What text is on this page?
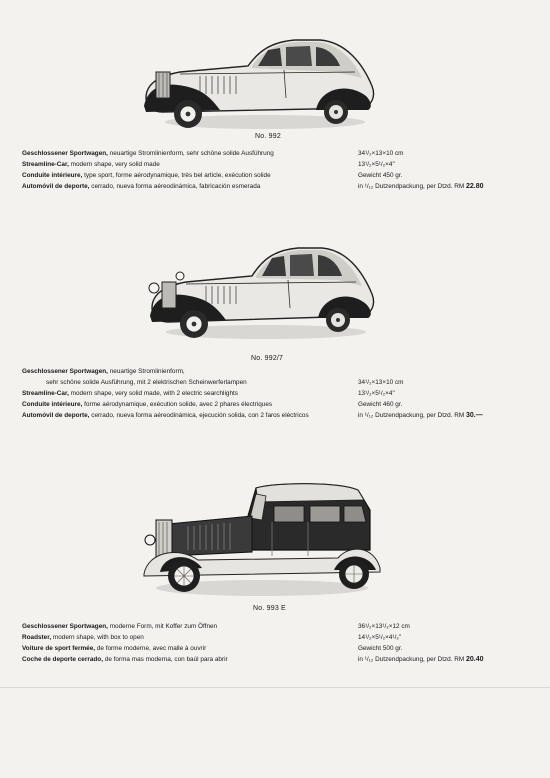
No. 992
Geschlossener Sportwagen, neuartige Stromlinienform, sehr schöne solide Ausführung	34¹/₂×13×10 cm
Streamline-Car, modern shape, very solid made	13¹/₂×5¹/₂×4"
Conduite intérieure, type sport, forme aérodynamique, très bel article, exécution solide	Gewicht 450 gr.
Automóvil de deporte, cerrado, nueva forma aéreodinámica, fabricación esmerada	in ¹/₁₂ Dutzendpackung, per Dtzd. RM 22.80
No. 992/7
Geschlossener Sportwagen, neuartige Stromlinienform,
sehr schöne solide Ausführung, mit 2 elektrischen Scheinwerferlampen	34¹/₂×13×10 cm
Streamline-Car, modern shape, very solid made, with 2 electric searchlights	13¹/₂×5¹/₂×4"
Conduite intérieure, forme aérodynamique, exécution solide, avec 2 phares électriques	Gewicht 460 gr.
Automóvil de deporte, cerrado, nueva forma aéreodinámica, ejecución solida, con 2 faros eléctricos	in ¹/₁₂ Dutzendpackung, per Dtzd. RM 30.—
No. 993 E
Geschlossener Sportwagen, moderne Form, mit Koffer zum Öffnen	36¹/₂×13¹/₂×12 cm
Roadster, modern shape, with box to open	14¹/₂×5¹/₂×4¹/₂"
Voiture de sport fermée, de forme moderne, avec malle à ouvrir	Gewicht 500 gr.
Coche de deporte cerrado, de forma mas moderna, con baúl para abrir	in ¹/₁₂ Dutzendpackung, per Dtzd. RM 20.40
